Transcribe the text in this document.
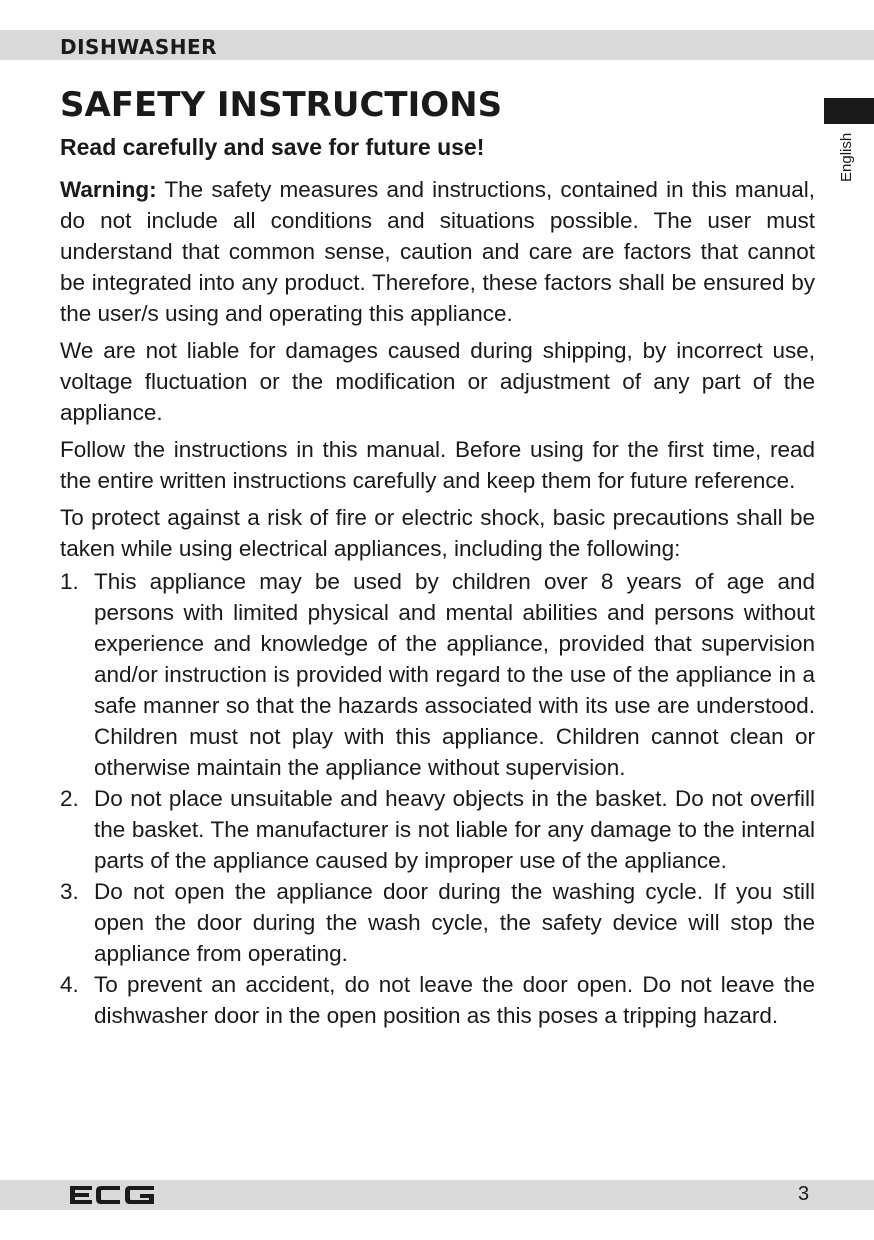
DISHWASHER
English
SAFETY INSTRUCTIONS

Read carefully and save for future use!

Warning: The safety measures and instructions, contained in this manual, do not include all conditions and situations possible. The user must understand that common sense, caution and care are factors that cannot be integrated into any product. Therefore, these factors shall be ensured by the user/s using and operating this appliance.

We are not liable for damages caused during shipping, by incorrect use, voltage fluctuation or the modification or adjustment of any part of the appliance.

Follow the instructions in this manual. Before using for the first time, read the entire written instructions carefully and keep them for future reference.

To protect against a risk of fire or electric shock, basic precautions shall be taken while using electrical appliances, including the following:

1. This appliance may be used by children over 8 years of age and persons with limited physical and mental abilities and persons without experience and knowledge of the appliance, provided that supervision and/or instruction is provided with regard to the use of the appliance in a safe manner so that the hazards associated with its use are understood. Children must not play with this appliance. Children cannot clean or otherwise maintain the appliance without supervision.
2. Do not place unsuitable and heavy objects in the basket. Do not overfill the basket. The manufacturer is not liable for any damage to the internal parts of the appliance caused by improper use of the appliance.
3. Do not open the appliance door during the washing cycle. If you still open the door during the wash cycle, the safety device will stop the appliance from operating.
4. To prevent an accident, do not leave the door open. Do not leave the dishwasher door in the open position as this poses a tripping hazard.
3
